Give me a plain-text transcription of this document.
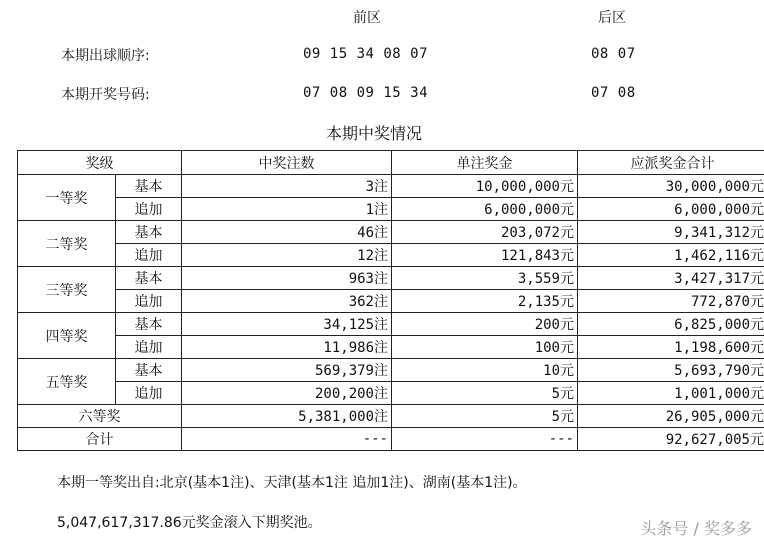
前区	后区
本期出球顺序:	09 15 34 08 07	08 07
本期开奖号码:	07 08 09 15 34	07 08
本期中奖情况
奖级		中奖注数	单注奖金	应派奖金合计
一等奖	基本	3注	10,000,000元	30,000,000元
	追加	1注	6,000,000元	6,000,000元
二等奖	基本	46注	203,072元	9,341,312元
	追加	12注	121,843元	1,462,116元
三等奖	基本	963注	3,559元	3,427,317元
	追加	362注	2,135元	772,870元
四等奖	基本	34,125注	200元	6,825,000元
	追加	11,986注	100元	1,198,600元
五等奖	基本	569,379注	10元	5,693,790元
	追加	200,200注	5元	1,001,000元
六等奖		5,381,000注	5元	26,905,000元
合计		---	---	92,627,005元
本期一等奖出自:北京(基本1注)、天津(基本1注 追加1注)、湖南(基本1注)。
5,047,617,317.86元奖金滚入下期奖池。	头条号 / 奖多多
